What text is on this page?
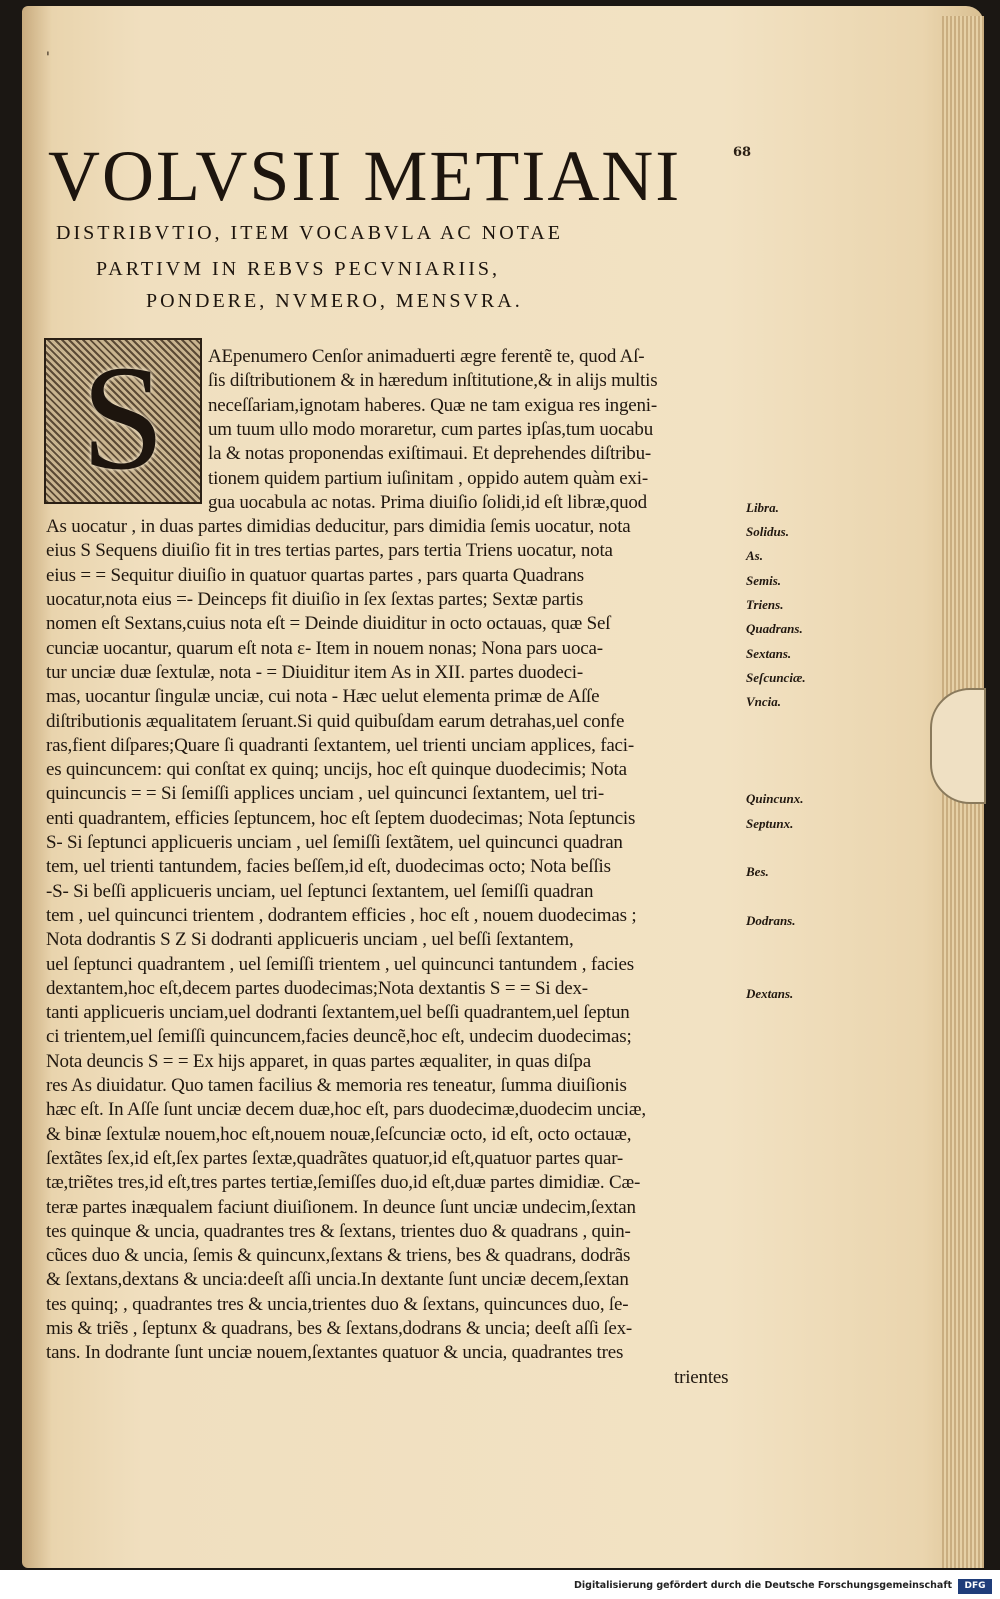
'
68
VOLVSII METIANI
DISTRIBVTIO, ITEM VOCABVLA AC NOTAE
PARTIVM IN REBVS PECVNIARIIS,
PONDERE, NVMERO, MENSVRA.
S	AEpenumero Cenſor animaduerti ægre ferentẽ te, quod Aſ-
ſis diſtributionem & in hæredum inſtitutione,& in alijs multis
neceſſariam,ignotam haberes. Quæ ne tam exigua res ingeni-
um tuum ullo modo moraretur, cum partes ipſas,tum uocabu
la & notas proponendas exiſtimaui. Et deprehendes diſtribu-
tionem quidem partium iuſinitam , oppido autem quàm exi-
gua uocabula ac notas. Prima diuiſio ſolidi,id eſt libræ,quod
As uocatur , in duas partes dimidias deducitur, pars dimidia ſemis uocatur, nota
eius S Sequens diuiſio fit in tres tertias partes, pars tertia Triens uocatur, nota
eius = = Sequitur diuiſio in quatuor quartas partes , pars quarta Quadrans
uocatur,nota eius =- Deinceps fit diuiſio in ſex ſextas partes; Sextæ partis
nomen eſt Sextans,cuius nota eſt = Deinde diuiditur in octo octauas, quæ Seſ
cunciæ uocantur, quarum eſt nota ɛ- Item in nouem nonas; Nona pars uoca-
tur unciæ duæ ſextulæ, nota - = Diuiditur item As in XII. partes duodeci-
mas, uocantur ſingulæ unciæ, cui nota - Hæc uelut elementa primæ de Aſſe
diſtributionis æqualitatem ſeruant.Si quid quibuſdam earum detrahas,uel confe
ras,fient diſpares;Quare ſi quadranti ſextantem, uel trienti unciam applices, faci-
es quincuncem: qui conſtat ex quinq; uncijs, hoc eſt quinque duodecimis; Nota
quincuncis = = Si ſemiſſi applices unciam , uel quincunci ſextantem, uel tri-
enti quadrantem, efficies ſeptuncem, hoc eſt ſeptem duodecimas; Nota ſeptuncis
S- Si ſeptunci applicueris unciam , uel ſemiſſi ſextãtem, uel quincunci quadran
tem, uel trienti tantundem, facies beſſem,id eſt, duodecimas octo; Nota beſſis
-S- Si beſſi applicueris unciam, uel ſeptunci ſextantem, uel ſemiſſi quadran
tem , uel quincunci trientem , dodrantem efficies , hoc eſt , nouem duodecimas ;
Nota dodrantis S Z Si dodranti applicueris unciam , uel beſſi ſextantem,
uel ſeptunci quadrantem , uel ſemiſſi trientem , uel quincunci tantundem , facies
dextantem,hoc eſt,decem partes duodecimas;Nota dextantis S = = Si dex-
tanti applicueris unciam,uel dodranti ſextantem,uel beſſi quadrantem,uel ſeptun
ci trientem,uel ſemiſſi quincuncem,facies deuncẽ,hoc eſt, undecim duodecimas;
Nota deuncis S = = Ex hijs apparet, in quas partes æqualiter, in quas diſpa
res As diuidatur. Quo tamen facilius & memoria res teneatur, ſumma diuiſionis
hæc eſt. In Aſſe ſunt unciæ decem duæ,hoc eſt, pars duodecimæ,duodecim unciæ,
& binæ ſextulæ nouem,hoc eſt,nouem nouæ,ſeſcunciæ octo, id eſt, octo octauæ,
ſextãtes ſex,id eſt,ſex partes ſextæ,quadrãtes quatuor,id eſt,quatuor partes quar-
tæ,triẽtes tres,id eſt,tres partes tertiæ,ſemiſſes duo,id eſt,duæ partes dimidiæ. Cæ-
teræ partes inæqualem faciunt diuiſionem. In deunce ſunt unciæ undecim,ſextan
tes quinque & uncia, quadrantes tres & ſextans, trientes duo & quadrans , quin-
cũces duo & uncia, ſemis & quincunx,ſextans & triens, bes & quadrans, dodrãs
& ſextans,dextans & uncia:deeſt aſſi uncia.In dextante ſunt unciæ decem,ſextan
tes quinq; , quadrantes tres & uncia,trientes duo & ſextans, quincunces duo, ſe-
mis & triẽs , ſeptunx & quadrans, bes & ſextans,dodrans & uncia; deeſt aſſi ſex-
tans. In dodrante ſunt unciæ nouem,ſextantes quatuor & uncia, quadrantes tres
trientes
Libra.
Solidus.
As.
Semis.
Triens.
Quadrans.
Sextans.
Seſcunciæ.
Vncia.
Quincunx.
Septunx.
Bes.
Dodrans.
Dextans.
Digitalisierung gefördert durch die Deutsche Forschungsgemeinschaft	DFG
